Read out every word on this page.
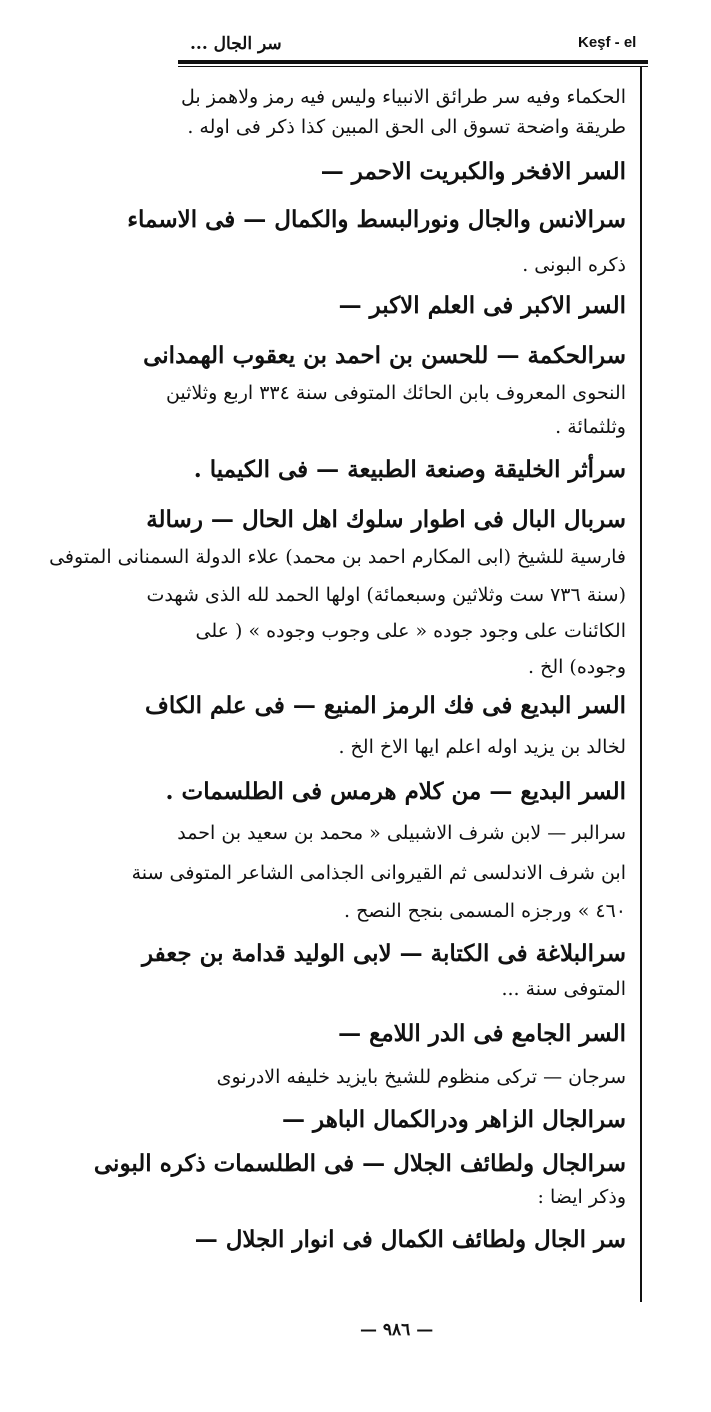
سر الجال ...	Keşf - el
الحكماء وفيه سر طرائق الانبياء وليس فيه رمز ولاهمز بل
طريقة واضحة تسوق الى الحق المبين كذا ذكر فى اوله .
السر الافخر والكبريت الاحمر —
سرالانس والجال ونورالبسط والكمال — فى الاسماء
ذكره البونى .
السر الاكبر فى العلم الاكبر —
سرالحكمة — للحسن بن احمد بن يعقوب الهمدانى
النحوى المعروف بابن الحائك المتوفى سنة ٣٣٤ اربع وثلاثين
وثلثمائة .
سرأثر الخليقة وصنعة الطبيعة — فى الكيميا .
سربال البال فى اطوار سلوك اهل الحال — رسالة
فارسية للشيخ (ابى المكارم احمد بن محمد) علاء الدولة السمنانى المتوفى
(سنة ٧٣٦ ست وثلاثين وسبعمائة) اولها الحمد لله الذى شهدت
الكائنات على وجود جوده « على وجوب وجوده » ( على
وجوده) الخ .
السر البديع فى فك الرمز المنيع — فى علم الكاف
لخالد بن يزيد اوله اعلم ايها الاخ الخ .
السر البديع — من كلام هرمس فى الطلسمات .
سرالبر — لابن شرف الاشبيلى « محمد بن سعيد بن احمد
ابن شرف الاندلسى ثم القيروانى الجذامى الشاعر المتوفى سنة
٤٦٠ » ورجزه المسمى بنجح النصح .
سرالبلاغة فى الكتابة — لابى الوليد قدامة بن جعفر
المتوفى سنة ...
السر الجامع فى الدر اللامع —
سرجان — تركى منظوم للشيخ بايزيد خليفه الادرنوى
سرالجال الزاهر ودرالكمال الباهر —
سرالجال ولطائف الجلال — فى الطلسمات ذكره البونى
وذكر ايضا :
سر الجال ولطائف الكمال فى انوار الجلال —
— ٩٨٦ —
